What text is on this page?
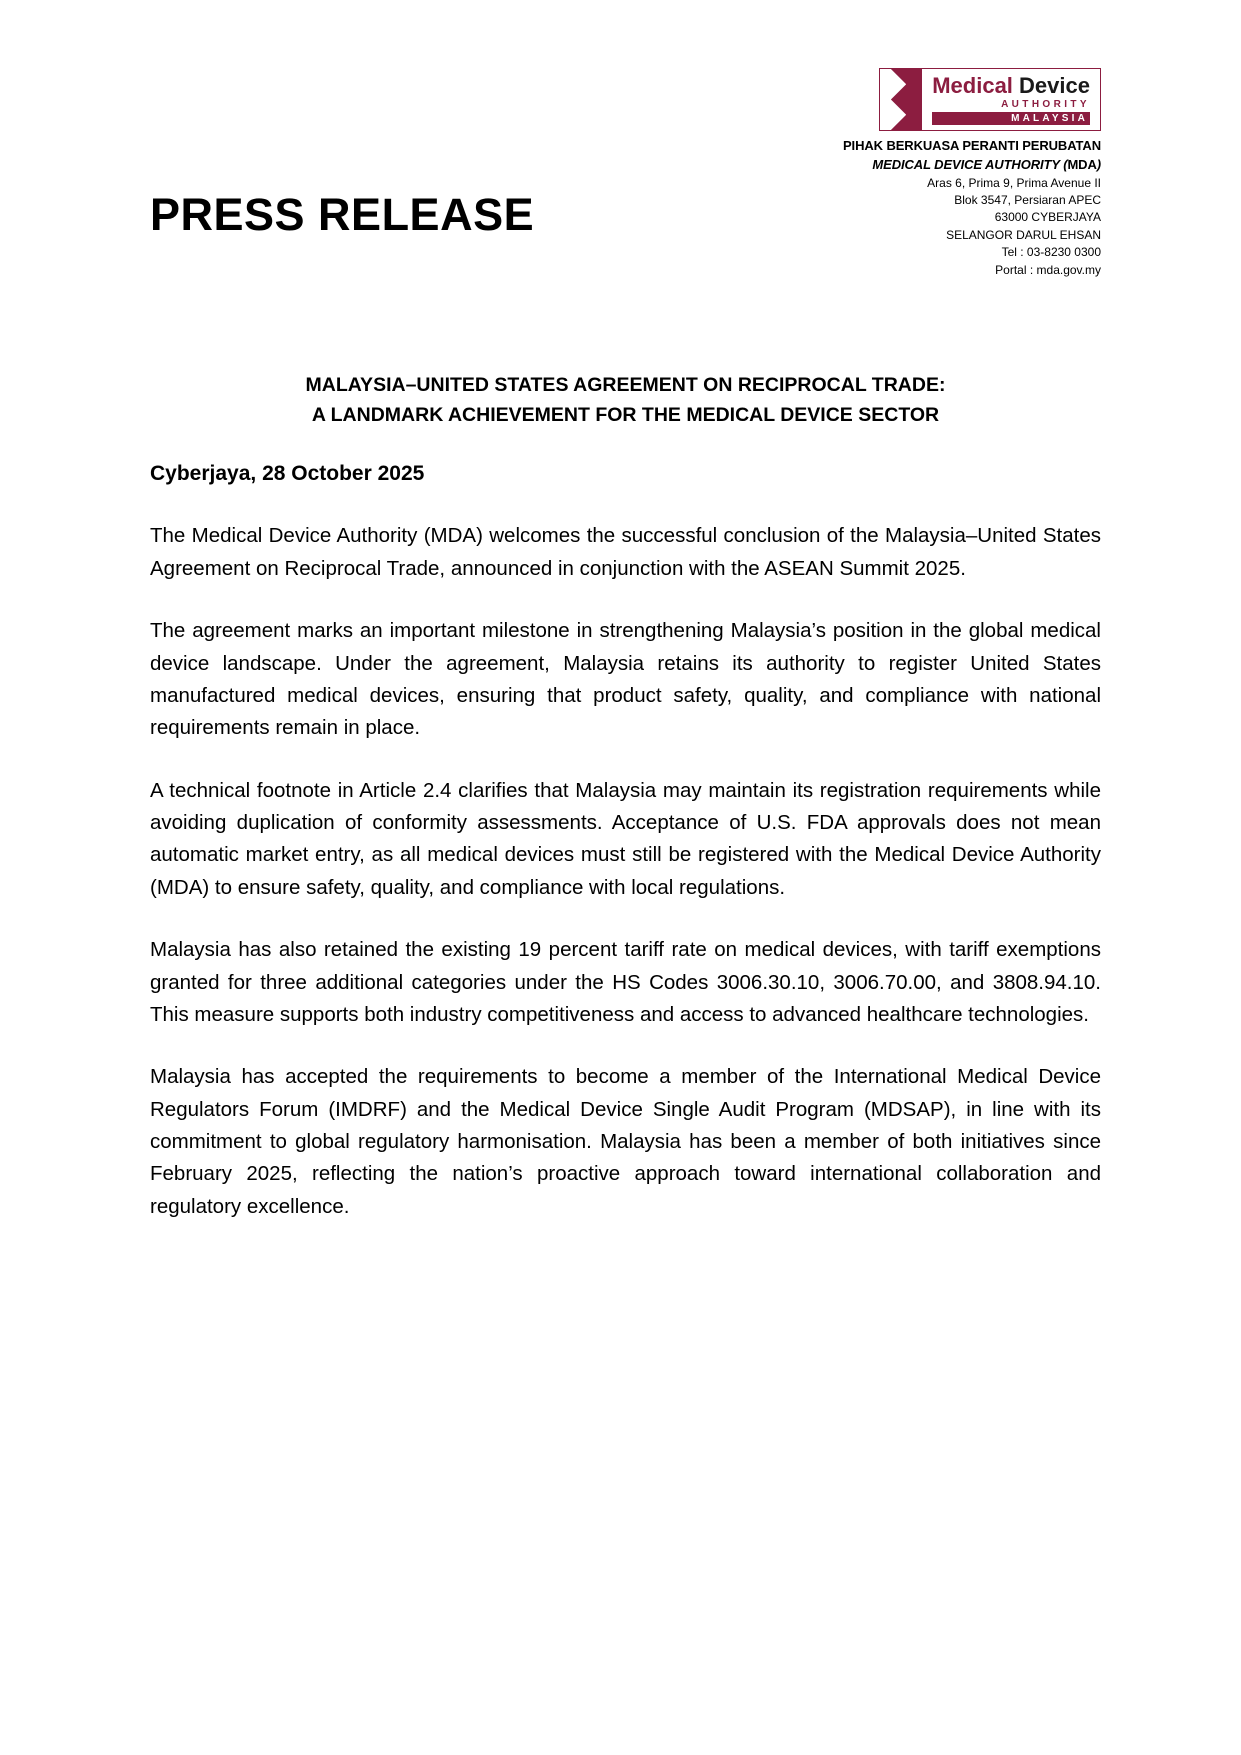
PRESS RELEASE
Medical Device
AUTHORITY
MALAYSIA
PIHAK BERKUASA PERANTI PERUBATAN
MEDICAL DEVICE AUTHORITY (MDA)
Aras 6, Prima 9, Prima Avenue II
Blok 3547, Persiaran APEC
63000 CYBERJAYA
SELANGOR DARUL EHSAN
Tel : 03-8230 0300
Portal : mda.gov.my
MALAYSIA–UNITED STATES AGREEMENT ON RECIPROCAL TRADE:
A LANDMARK ACHIEVEMENT FOR THE MEDICAL DEVICE SECTOR
Cyberjaya, 28 October 2025

The Medical Device Authority (MDA) welcomes the successful conclusion of the Malaysia–United States Agreement on Reciprocal Trade, announced in conjunction with the ASEAN Summit 2025.

The agreement marks an important milestone in strengthening Malaysia’s position in the global medical device landscape. Under the agreement, Malaysia retains its authority to register United States manufactured medical devices, ensuring that product safety, quality, and compliance with national requirements remain in place.

A technical footnote in Article 2.4 clarifies that Malaysia may maintain its registration requirements while avoiding duplication of conformity assessments. Acceptance of U.S. FDA approvals does not mean automatic market entry, as all medical devices must still be registered with the Medical Device Authority (MDA) to ensure safety, quality, and compliance with local regulations.

Malaysia has also retained the existing 19 percent tariff rate on medical devices, with tariff exemptions granted for three additional categories under the HS Codes 3006.30.10, 3006.70.00, and 3808.94.10. This measure supports both industry competitiveness and access to advanced healthcare technologies.

Malaysia has accepted the requirements to become a member of the International Medical Device Regulators Forum (IMDRF) and the Medical Device Single Audit Program (MDSAP), in line with its commitment to global regulatory harmonisation. Malaysia has been a member of both initiatives since February 2025, reflecting the nation’s proactive approach toward international collaboration and regulatory excellence.
